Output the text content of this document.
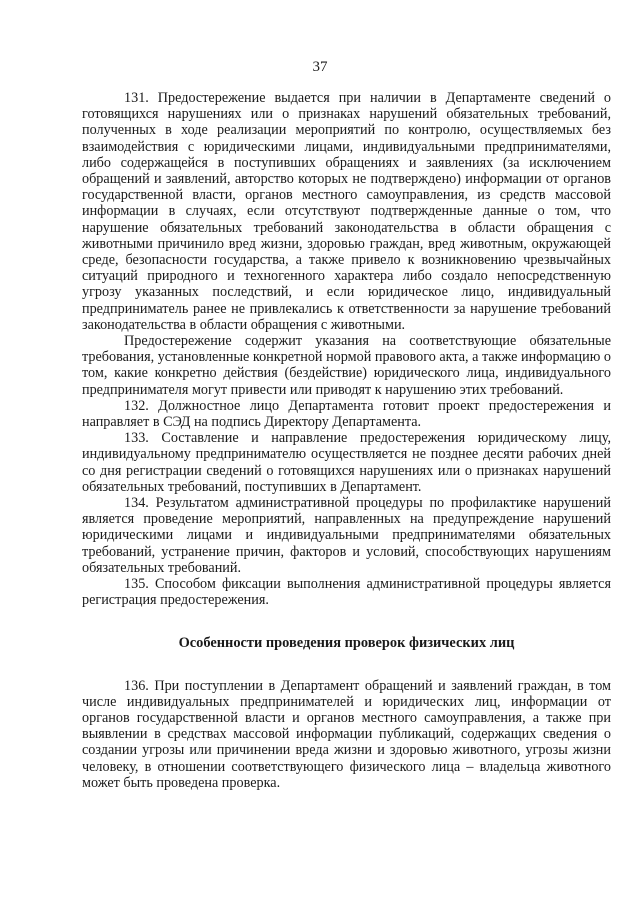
37

131. Предостережение выдается при наличии в Департаменте сведений о готовящихся нарушениях или о признаках нарушений обязательных требований, полученных в ходе реализации мероприятий по контролю, осуществляемых без взаимодействия с юридическими лицами, индивидуальными предпринимателями, либо содержащейся в поступивших обращениях и заявлениях (за исключением обращений и заявлений, авторство которых не подтверждено) информации от органов государственной власти, органов местного самоуправления, из средств массовой информации в случаях, если отсутствуют подтвержденные данные о том, что нарушение обязательных требований законодательства в области обращения с животными причинило вред жизни, здоровью граждан, вред животным, окружающей среде, безопасности государства, а также привело к возникновению чрезвычайных ситуаций природного и техногенного характера либо создало непосредственную угрозу указанных последствий, и если юридическое лицо, индивидуальный предприниматель ранее не привлекались к ответственности за нарушение требований законодательства в области обращения с животными.

Предостережение содержит указания на соответствующие обязательные требования, установленные конкретной нормой правового акта, а также информацию о том, какие конкретно действия (бездействие) юридического лица, индивидуального предпринимателя могут привести или приводят к нарушению этих требований.

132. Должностное лицо Департамента готовит проект предостережения и направляет в СЭД на подпись Директору Департамента.

133. Составление и направление предостережения юридическому лицу, индивидуальному предпринимателю осуществляется не позднее десяти рабочих дней со дня регистрации сведений о готовящихся нарушениях или о признаках нарушений обязательных требований, поступивших в Департамент.

134. Результатом административной процедуры по профилактике нарушений является проведение мероприятий, направленных на предупреждение нарушений юридическими лицами и индивидуальными предпринимателями обязательных требований, устранение причин, факторов и условий, способствующих нарушениям обязательных требований.

135. Способом фиксации выполнения административной процедуры является регистрация предостережения.

Особенности проведения проверок физических лиц

136. При поступлении в Департамент обращений и заявлений граждан, в том числе индивидуальных предпринимателей и юридических лиц, информации от органов государственной власти и органов местного самоуправления, а также при выявлении в средствах массовой информации публикаций, содержащих сведения о создании угрозы или причинении вреда жизни и здоровью животного, угрозы жизни человеку, в отношении соответствующего физического лица – владельца животного может быть проведена проверка.
